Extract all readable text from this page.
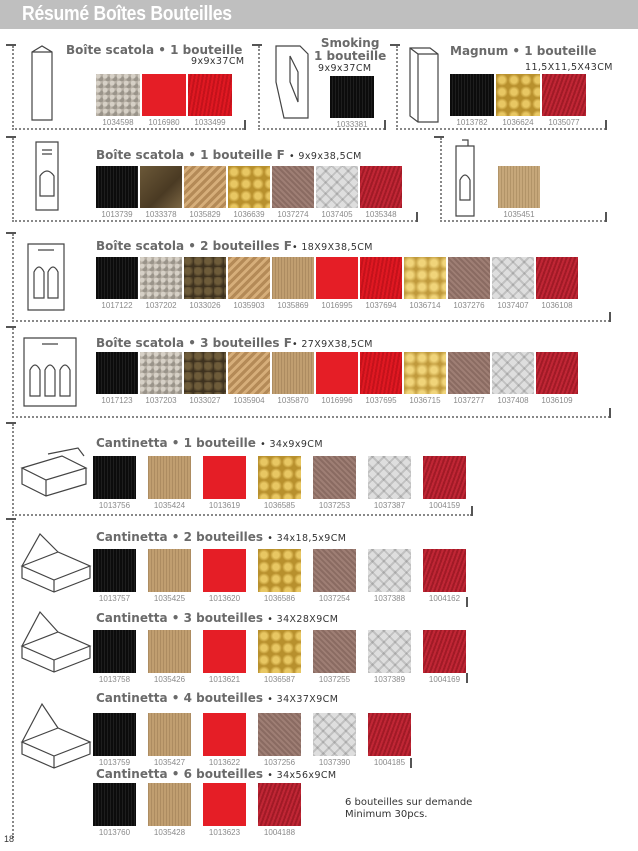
Résumé Boîtes Bouteilles
Boîte scatola • 1 bouteille
9x9x37CM
Smoking
1 bouteille
9x9x37CM
Magnum • 1 bouteille
11,5X11,5X43CM
Boîte scatola • 1 bouteille F • 9x9x38,5CM
Boîte scatola • 2 bouteilles F• 18X9X38,5CM
Boîte scatola • 3 bouteilles F• 27X9X38,5CM
Cantinetta • 1 bouteille • 34x9x9CM
Cantinetta • 2 bouteilles • 34x18,5x9CM
Cantinetta • 3 bouteilles • 34X28X9CM
Cantinetta • 4 bouteilles • 34X37X9CM
Cantinetta • 6 bouteilles • 34x56x9CM
1034598	1016980	1033499	1033381	1013782	1036624	1035077
1013739	1033378	1035829	1036639	1037274	1037405	1035348	1035451
1017122	1037202	1033026	1035903	1035869	1016995	1037694	1036714	1037276	1037407	1036108
1017123	1037203	1033027	1035904	1035870	1016996	1037695	1036715	1037277	1037408	1036109
1013756	1035424	1013619	1036585	1037253	1037387	1004159
1013757	1035425	1013620	1036586	1037254	1037388	1004162
1013758	1035426	1013621	1036587	1037255	1037389	1004169
1013759	1035427	1013622	1037256	1037390	1004185
1013760	1035428	1013623	1004188
6 bouteilles sur demande
Minimum 30pcs.
18
